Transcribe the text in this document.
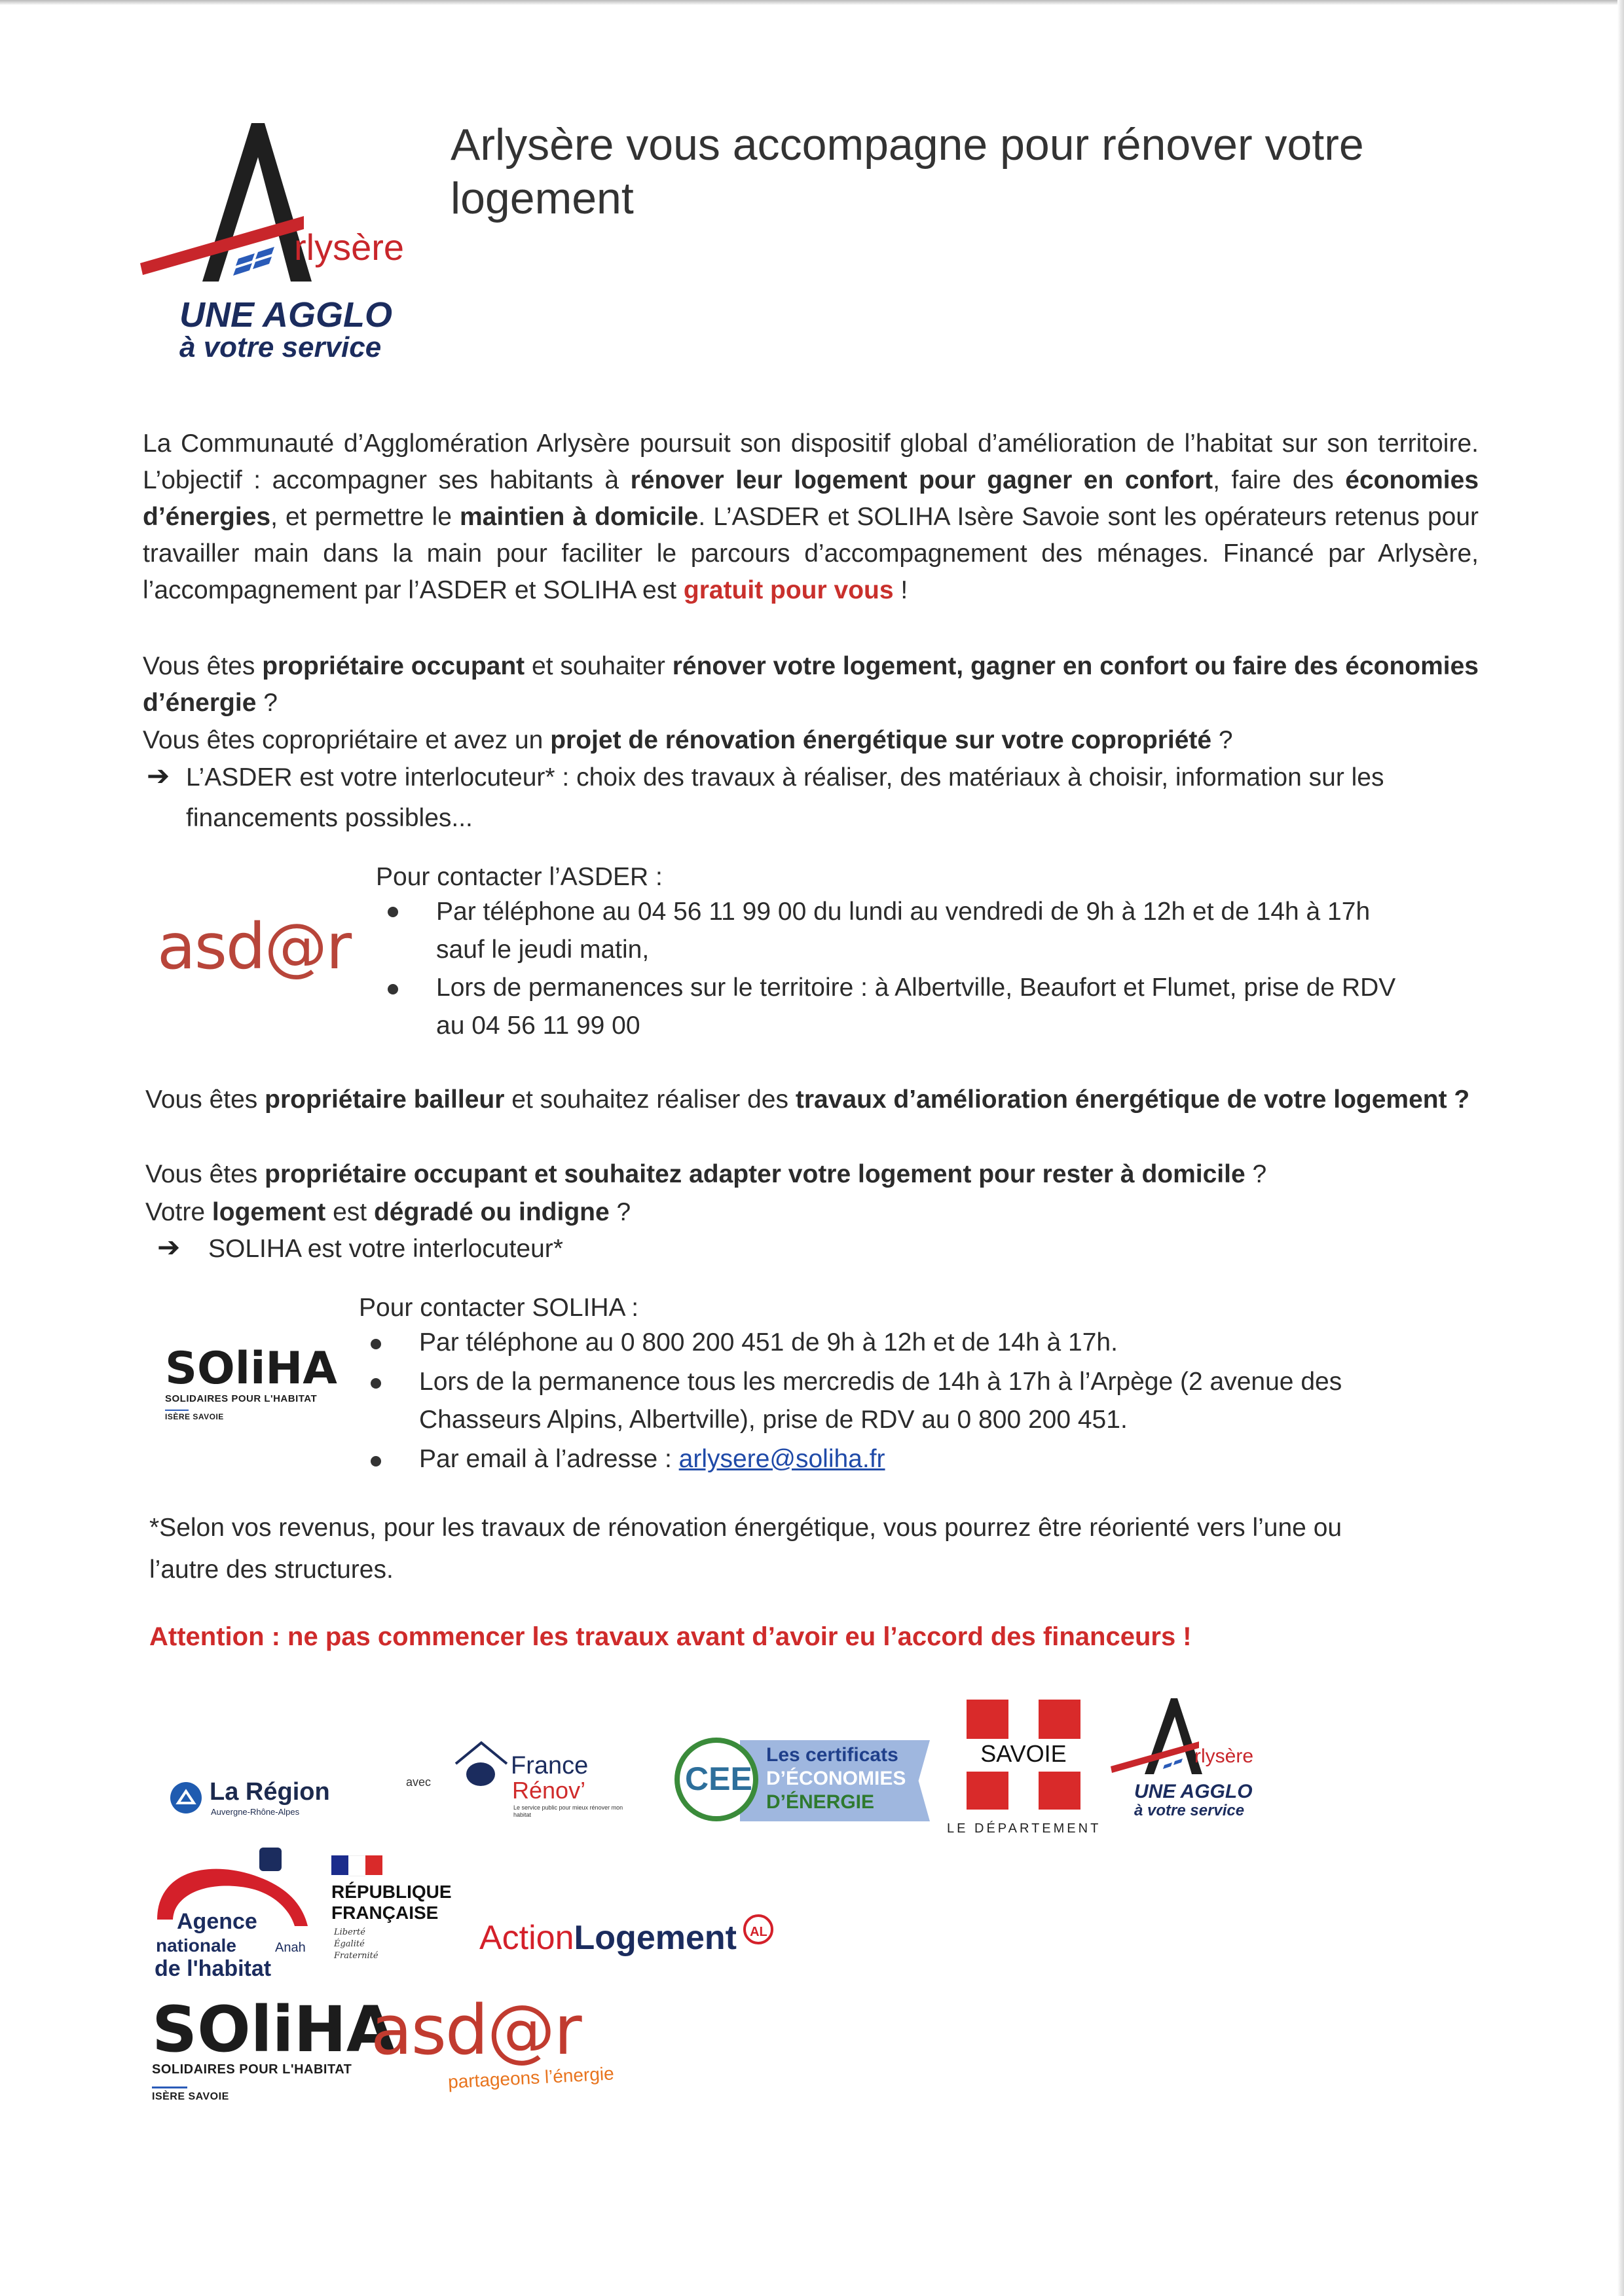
rlysère
UNE AGGLO
à votre service
Arlysère vous accompagne pour rénover votre
logement
La Communauté d’Agglomération Arlysère poursuit son dispositif global d’amélioration de l’habitat sur son territoire. L’objectif : accompagner ses habitants à rénover leur logement pour gagner en confort, faire des économies d’énergies, et permettre le maintien à domicile. L’ASDER et SOLIHA Isère Savoie sont les opérateurs retenus pour travailler main dans la main pour faciliter le parcours d’accompagnement des ménages. Financé par Arlysère, l’accompagnement par l’ASDER et SOLIHA est gratuit pour vous !
Vous êtes propriétaire occupant et souhaiter rénover votre logement, gagner en confort ou faire des économies d’énergie ?
Vous êtes copropriétaire et avez un projet de rénovation énergétique sur votre copropriété ?
➔ L’ASDER est votre interlocuteur* : choix des travaux à réaliser, des matériaux à choisir, information sur les
financements possibles...
asd@r
Pour contacter l’ASDER :
Par téléphone au 04 56 11 99 00 du lundi au vendredi de 9h à 12h et de 14h à 17h
sauf le jeudi matin,
Lors de permanences sur le territoire : à Albertville, Beaufort et Flumet, prise de RDV
au 04 56 11 99 00
Vous êtes propriétaire bailleur et souhaitez réaliser des travaux d’amélioration énergétique de votre logement ?
Vous êtes propriétaire occupant et souhaitez adapter votre logement pour rester à domicile ?
Votre logement est dégradé ou indigne ?
➔ SOLIHA est votre interlocuteur*
SOliHA
SOLIDAIRES POUR L'HABITAT
ISÈRE SAVOIE
Pour contacter SOLIHA :
Par téléphone au 0 800 200 451 de 9h à 12h et de 14h à 17h.
Lors de la permanence tous les mercredis de 14h à 17h à l’Arpège (2 avenue des
Chasseurs Alpins, Albertville), prise de RDV au 0 800 200 451.
Par email à l’adresse : arlysere@soliha.fr
*Selon vos revenus, pour les travaux de rénovation énergétique, vous pourrez être réorienté vers l’une ou
l’autre des structures.
Attention : ne pas commencer les travaux avant d’avoir eu l’accord des financeurs !
La Région
Auvergne-Rhône-Alpes
avec
France
Rénov’
Le service public pour mieux rénover mon habitat
CEE
Les certificats
D’ÉCONOMIES
D’ÉNERGIE
SAVOIE
LE DÉPARTEMENT
rlysère
UNE AGGLO
à votre service
Agence
nationale	Anah
de l'habitat
RÉPUBLIQUE
FRANÇAISE
Liberté
Égalité
Fraternité	ActionLogement AL
SOliHA
SOLIDAIRES POUR L'HABITAT
ISÈRE SAVOIE
asd@r
partageons l’énergie
